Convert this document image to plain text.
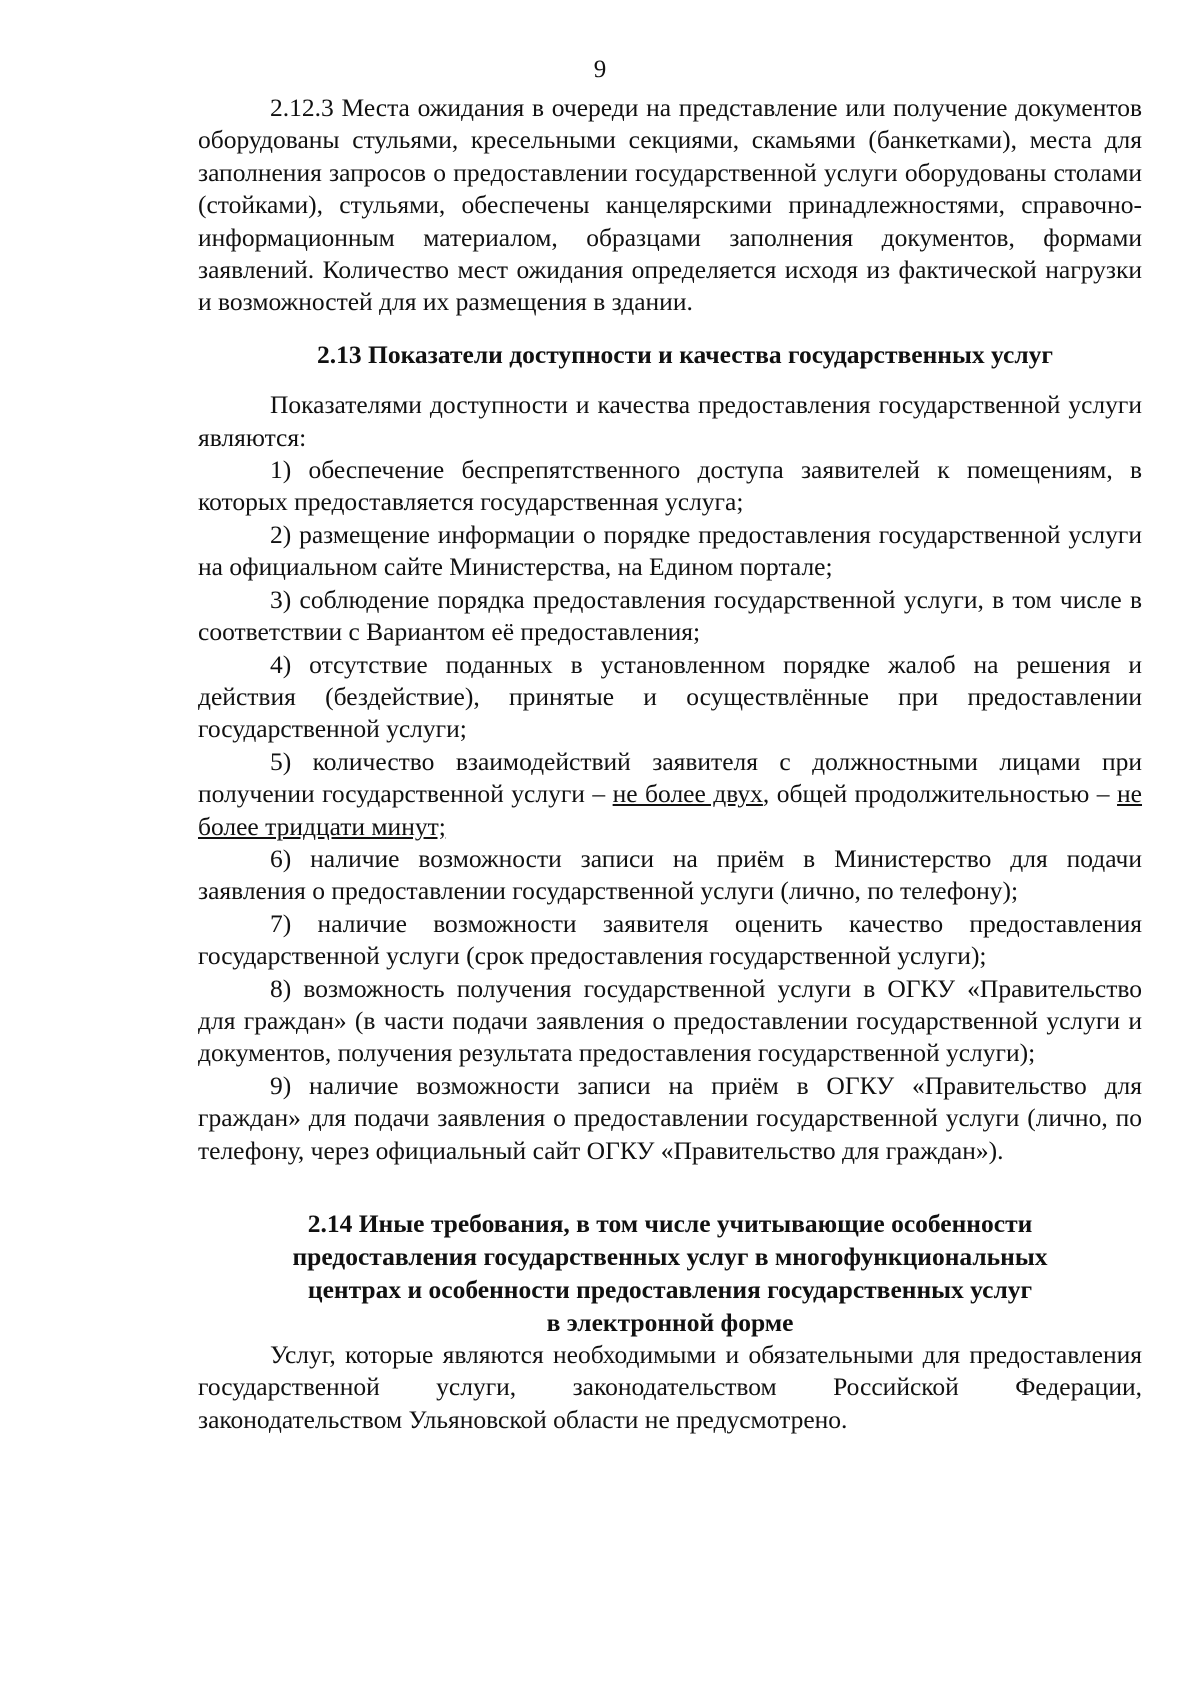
9

2.12.3 Места ожидания в очереди на представление или получение документов оборудованы стульями, кресельными секциями, скамьями (банкетками), места для заполнения запросов о предоставлении государственной услуги оборудованы столами (стойками), стульями, обеспечены канцелярскими принадлежностями, справочно-информационным материалом, образцами заполнения документов, формами заявлений. Количество мест ожидания определяется исходя из фактической нагрузки и возможностей для их размещения в здании.

2.13 Показатели доступности и качества государственных услуг

Показателями доступности и качества предоставления государственной услуги являются:

1) обеспечение беспрепятственного доступа заявителей к помещениям, в которых предоставляется государственная услуга;

2) размещение информации о порядке предоставления государственной услуги на официальном сайте Министерства, на Едином портале;

3) соблюдение порядка предоставления государственной услуги, в том числе в соответствии с Вариантом её предоставления;

4) отсутствие поданных в установленном порядке жалоб на решения и действия (бездействие), принятые и осуществлённые при предоставлении государственной услуги;

5) количество взаимодействий заявителя с должностными лицами при получении государственной услуги – не более двух, общей продолжительностью – не более тридцати минут;

6) наличие возможности записи на приём в Министерство для подачи заявления о предоставлении государственной услуги (лично, по телефону);

7) наличие возможности заявителя оценить качество предоставления государственной услуги (срок предоставления государственной услуги);

8) возможность получения государственной услуги в ОГКУ «Правительство для граждан» (в части подачи заявления о предоставлении государственной услуги и документов, получения результата предоставления государственной услуги);

9) наличие возможности записи на приём в ОГКУ «Правительство для граждан» для подачи заявления о предоставлении государственной услуги (лично, по телефону, через официальный сайт ОГКУ «Правительство для граждан»).

2.14 Иные требования, в том числе учитывающие особенности
предоставления государственных услуг в многофункциональных
центрах и особенности предоставления государственных услуг
в электронной форме

Услуг, которые являются необходимыми и обязательными для предоставления государственной услуги, законодательством Российской Федерации, законодательством Ульяновской области не предусмотрено.
